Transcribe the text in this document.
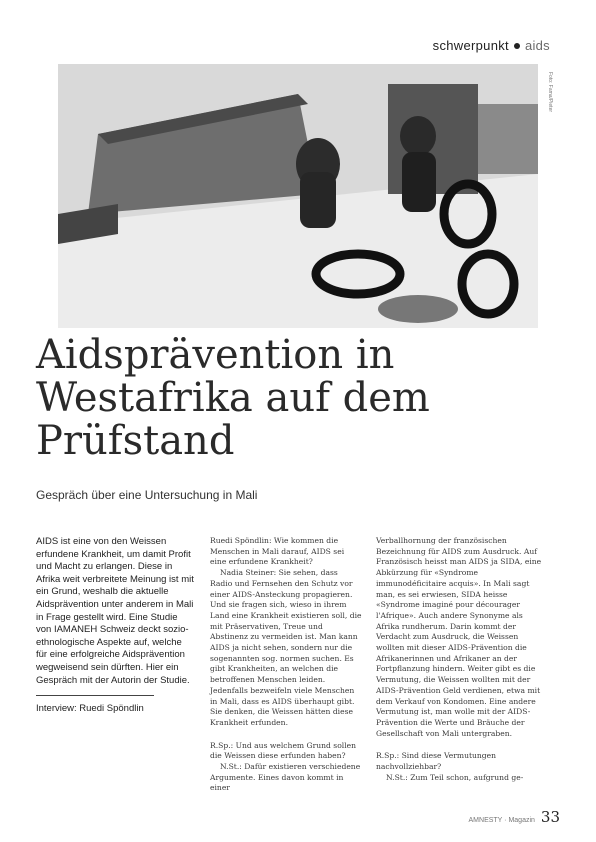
schwerpunkt aids
Foto: Fama/Pieter
Aidsprävention in
Westafrika auf dem
Prüfstand

Gespräch über eine Untersuchung in Mali

AIDS ist eine von den Weissen erfundene Krankheit, um damit Profit und Macht zu erlangen. Diese in Afrika weit verbreitete Meinung ist mit ein Grund, weshalb die aktuelle Aidsprävention unter anderem in Mali in Frage gestellt wird. Eine Studie von IAMANEH Schweiz deckt sozio-ethnologische Aspekte auf, welche für eine erfolgreiche Aidsprävention wegweisend sein dürften. Hier ein Gespräch mit der Autorin der Studie.

Interview: Ruedi Spöndlin

Ruedi Spöndlin: Wie kommen die Menschen in Mali darauf, AIDS sei eine erfundene Krankheit?

Nadia Steiner: Sie sehen, dass Radio und Fernsehen den Schutz vor einer AIDS-Ansteckung propagieren. Und sie fragen sich, wieso in ihrem Land eine Krankheit existieren soll, die mit Präservativen, Treue und Abstinenz zu vermeiden ist. Man kann AIDS ja nicht sehen, sondern nur die sogenannten sog. normen suchen. Es gibt Krankheiten, an welchen die betroffenen Menschen leiden. Jedenfalls bezweifeln viele Menschen in Mali, dass es AIDS überhaupt gibt. Sie denken, die Weissen hätten diese Krankheit erfunden.

R.Sp.: Und aus welchem Grund sollen die Weissen diese erfunden haben?

N.St.: Dafür existieren verschiedene Argumente. Eines davon kommt in einer

Verballhornung der französischen Bezeichnung für AIDS zum Ausdruck. Auf Französisch heisst man AIDS ja SIDA, eine Abkürzung für «Syndrome immunodéficitaire acquis». In Mali sagt man, es sei erwiesen, SIDA heisse «Syndrome imaginé pour décourager l'Afrique». Auch andere Synonyme als Afrika rundherum. Darin kommt der Verdacht zum Ausdruck, die Weissen wollten mit dieser AIDS-Prävention die Afrikanerinnen und Afrikaner an der Fortpflanzung hindern. Weiter gibt es die Vermutung, die Weissen wollten mit der AIDS-Prävention Geld verdienen, etwa mit dem Verkauf von Kondomen. Eine andere Vermutung ist, man wolle mit der AIDS-Prävention die Werte und Bräuche der Gesellschaft von Mali untergraben.

R.Sp.: Sind diese Vermutungen nachvollziehbar?

N.St.: Zum Teil schon, aufgrund ge-

AMNESTY · Magazin 33
